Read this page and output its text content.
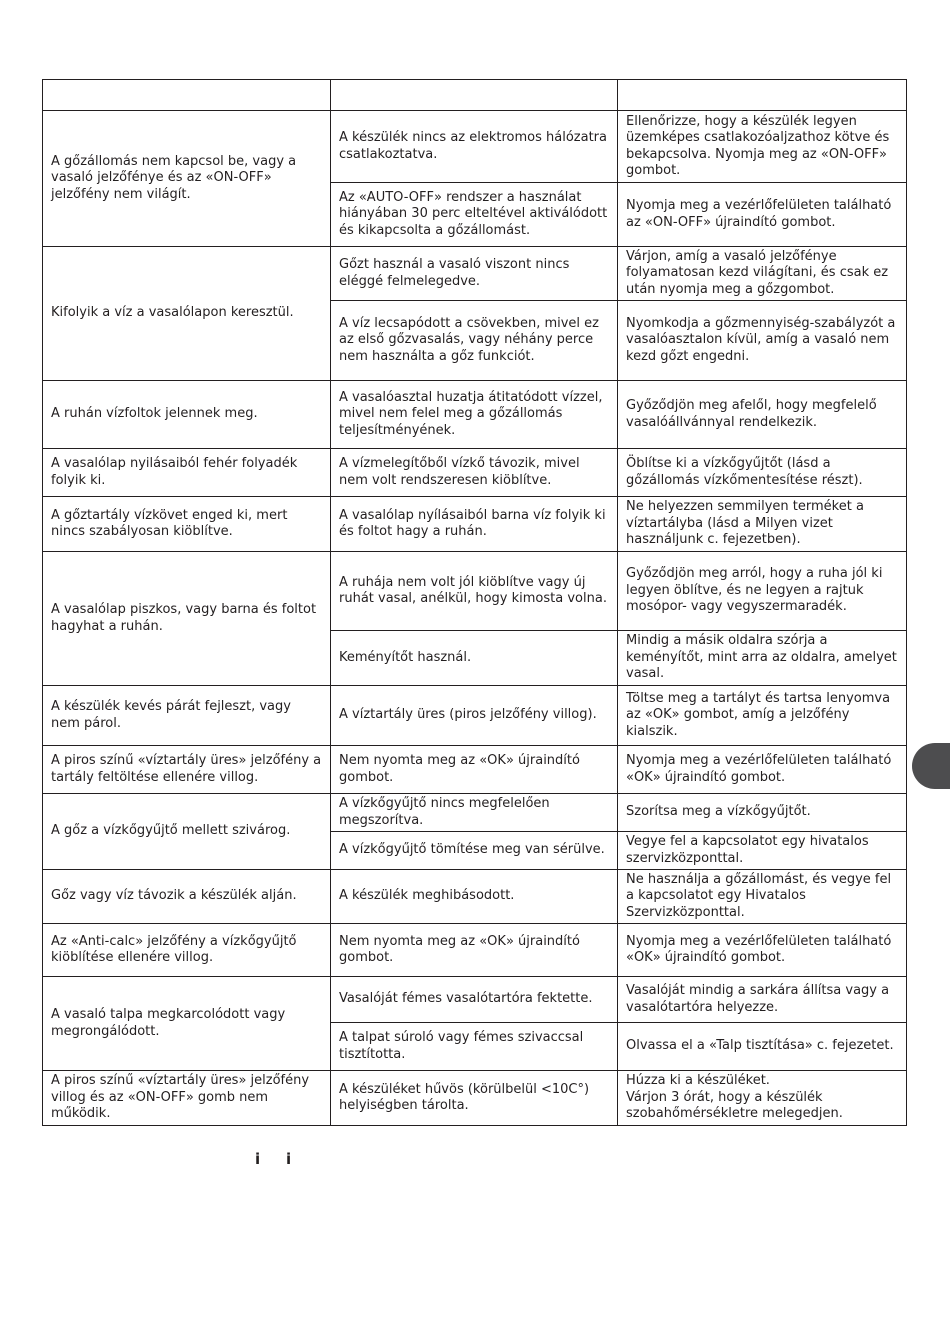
A gőzállomás nem kapcsol be, vagy a vasaló jelzőfénye és az «ON-OFF» jelzőfény nem világít.	A készülék nincs az elektromos hálózatra csatlakoztatva.	Ellenőrizze, hogy a készülék legyen üzemképes csatlakozóaljzathoz kötve és bekapcsolva. Nyomja meg az «ON-OFF» gombot.
	Az «AUTO-OFF» rendszer a használat hiányában 30 perc elteltével aktiválódott és kikapcsolta a gőzállomást.	Nyomja meg a vezérlőfelületen található az «ON-OFF» újraindító gombot.
Kifolyik a víz a vasalólapon keresztül.	Gőzt használ a vasaló viszont nincs eléggé felmelegedve.	Várjon, amíg a vasaló jelzőfénye folyamatosan kezd világítani, és csak ez után nyomja meg a gőzgombot.
	A víz lecsapódott a csövekben, mivel ez az első gőzvasalás, vagy néhány perce nem használta a gőz funkciót.	Nyomkodja a gőzmennyiség-szabályzót a vasalóasztalon kívül, amíg a vasaló nem kezd gőzt engedni.
A ruhán vízfoltok jelennek meg.	A vasalóasztal huzatja átitatódott vízzel, mivel nem felel meg a gőzállomás teljesítményének.	Győződjön meg afelől, hogy megfelelő vasalóállvánnyal rendelkezik.
A vasalólap nyilásaiból fehér folyadék folyik ki.	A vízmelegítőből vízkő távozik, mivel nem volt rendszeresen kiöblítve.	Öblítse ki a vízkőgyűjtőt (lásd a gőzállomás vízkőmentesítése részt).
A gőztartály vízkövet enged ki, mert nincs szabályosan kiöblítve.	A vasalólap nyílásaiból barna víz folyik ki és foltot hagy a ruhán.	Ne helyezzen semmilyen terméket a víztartályba (lásd a Milyen vizet használjunk c. fejezetben).
A vasalólap piszkos, vagy barna és foltot hagyhat a ruhán.	A ruhája nem volt jól kiöblítve vagy új ruhát vasal, anélkül, hogy kimosta volna.	Győződjön meg arról, hogy a ruha jól ki legyen öblítve, és ne legyen a rajtuk mosópor- vagy vegyszermaradék.
	Keményítőt használ.	Mindig a másik oldalra szórja a keményítőt, mint arra az oldalra, amelyet vasal.
A készülék kevés párát fejleszt, vagy nem párol.	A víztartály üres (piros jelzőfény villog).	Töltse meg a tartályt és tartsa lenyomva az «OK» gombot, amíg a jelzőfény kialszik.
A piros színű «víztartály üres» jelzőfény a tartály feltöltése ellenére villog.	Nem nyomta meg az «OK» újraindító gombot.	Nyomja meg a vezérlőfelületen található «OK» újraindító gombot.
A gőz a vízkőgyűjtő mellett szivárog.	A vízkőgyűjtő nincs megfelelően megszorítva.	Szorítsa meg a vízkőgyűjtőt.
	A vízkőgyűjtő tömítése meg van sérülve.	Vegye fel a kapcsolatot egy hivatalos szervizközponttal.
Gőz vagy víz távozik a készülék alján.	A készülék meghibásodott.	Ne használja a gőzállomást, és vegye fel a kapcsolatot egy Hivatalos Szervizközponttal.
Az «Anti-calc» jelzőfény a vízkőgyűjtő kiöblítése ellenére villog.	Nem nyomta meg az «OK» újraindító gombot.	Nyomja meg a vezérlőfelületen található «OK» újraindító gombot.
A vasaló talpa megkarcolódott vagy megrongálódott.	Vasalóját fémes vasalótartóra fektette.	Vasalóját mindig a sarkára állítsa vagy a vasalótartóra helyezze.
	A talpat súroló vagy fémes szivaccsal tisztította.	Olvassa el a «Talp tisztítása» c. fejezetet.
A piros színű «víztartály üres» jelzőfény villog és az «ON-OFF» gomb nem működik.	A készüléket hűvös (körülbelül <10C°) helyiségben tárolta.	Húzza ki a készüléket.
Várjon 3 órát, hogy a készülék szobahőmérsékletre melegedjen.
i i
